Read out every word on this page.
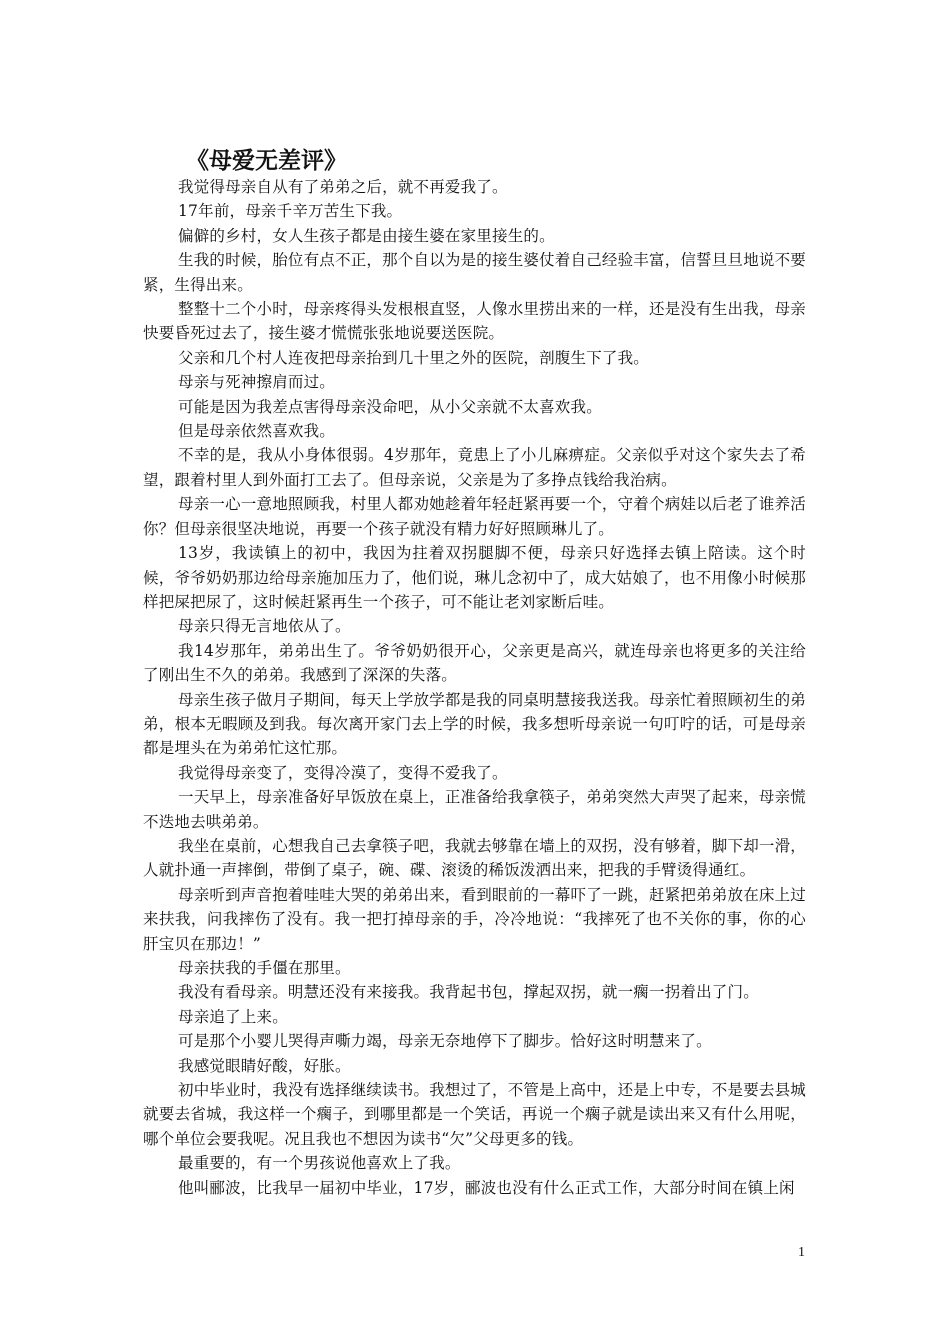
《母爱无差评》

我觉得母亲自从有了弟弟之后，就不再爱我了。

17年前，母亲千辛万苦生下我。

偏僻的乡村，女人生孩子都是由接生婆在家里接生的。

生我的时候，胎位有点不正，那个自以为是的接生婆仗着自己经验丰富，信誓旦旦地说不要紧，生得出来。

整整十二个小时，母亲疼得头发根根直竖，人像水里捞出来的一样，还是没有生出我，母亲快要昏死过去了，接生婆才慌慌张张地说要送医院。

父亲和几个村人连夜把母亲抬到几十里之外的医院，剖腹生下了我。

母亲与死神擦肩而过。

可能是因为我差点害得母亲没命吧，从小父亲就不太喜欢我。

但是母亲依然喜欢我。

不幸的是，我从小身体很弱。4岁那年，竟患上了小儿麻痹症。父亲似乎对这个家失去了希望，跟着村里人到外面打工去了。但母亲说，父亲是为了多挣点钱给我治病。

母亲一心一意地照顾我，村里人都劝她趁着年轻赶紧再要一个，守着个病娃以后老了谁养活你？但母亲很坚决地说，再要一个孩子就没有精力好好照顾琳儿了。

13岁，我读镇上的初中，我因为拄着双拐腿脚不便，母亲只好选择去镇上陪读。这个时候，爷爷奶奶那边给母亲施加压力了，他们说，琳儿念初中了，成大姑娘了，也不用像小时候那样把屎把尿了，这时候赶紧再生一个孩子，可不能让老刘家断后哇。

母亲只得无言地依从了。

我14岁那年，弟弟出生了。爷爷奶奶很开心，父亲更是高兴，就连母亲也将更多的关注给了刚出生不久的弟弟。我感到了深深的失落。

母亲生孩子做月子期间，每天上学放学都是我的同桌明慧接我送我。母亲忙着照顾初生的弟弟，根本无暇顾及到我。每次离开家门去上学的时候，我多想听母亲说一句叮咛的话，可是母亲都是埋头在为弟弟忙这忙那。

我觉得母亲变了，变得冷漠了，变得不爱我了。

一天早上，母亲准备好早饭放在桌上，正准备给我拿筷子，弟弟突然大声哭了起来，母亲慌不迭地去哄弟弟。

我坐在桌前，心想我自己去拿筷子吧，我就去够靠在墙上的双拐，没有够着，脚下却一滑，人就扑通一声摔倒，带倒了桌子，碗、碟、滚烫的稀饭泼洒出来，把我的手臂烫得通红。

母亲听到声音抱着哇哇大哭的弟弟出来，看到眼前的一幕吓了一跳，赶紧把弟弟放在床上过来扶我，问我摔伤了没有。我一把打掉母亲的手，冷冷地说：“我摔死了也不关你的事，你的心肝宝贝在那边！”

母亲扶我的手僵在那里。

我没有看母亲。明慧还没有来接我。我背起书包，撑起双拐，就一瘸一拐着出了门。

母亲追了上来。

可是那个小婴儿哭得声嘶力竭，母亲无奈地停下了脚步。恰好这时明慧来了。

我感觉眼睛好酸，好胀。

初中毕业时，我没有选择继续读书。我想过了，不管是上高中，还是上中专，不是要去县城就要去省城，我这样一个瘸子，到哪里都是一个笑话，再说一个瘸子就是读出来又有什么用呢，哪个单位会要我呢。况且我也不想因为读书“欠”父母更多的钱。

最重要的，有一个男孩说他喜欢上了我。

他叫郦波，比我早一届初中毕业，17岁，郦波也没有什么正式工作，大部分时间在镇上闲

1
